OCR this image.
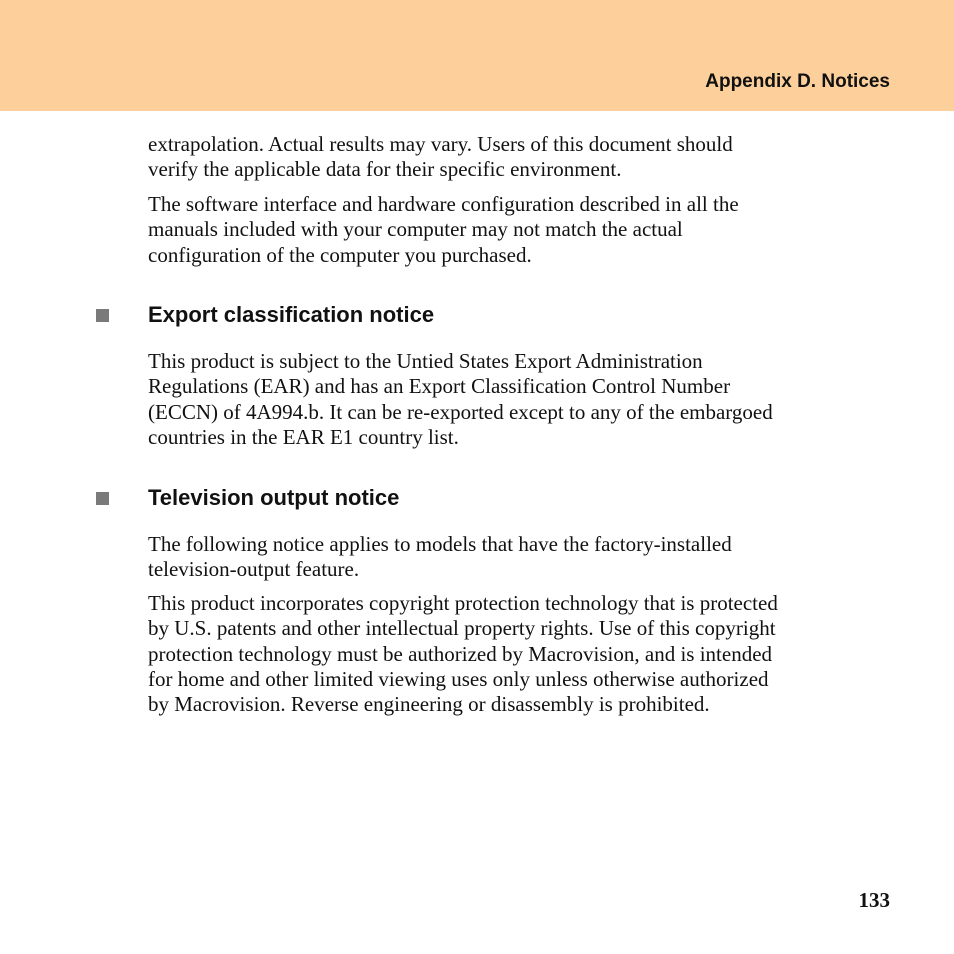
Appendix D. Notices

extrapolation. Actual results may vary. Users of this document should
verify the applicable data for their specific environment.

The software interface and hardware configuration described in all the
manuals included with your computer may not match the actual
configuration of the computer you purchased.

Export classification notice

This product is subject to the Untied States Export Administration
Regulations (EAR) and has an Export Classification Control Number
(ECCN) of 4A994.b. It can be re-exported except to any of the embargoed
countries in the EAR E1 country list.

Television output notice

The following notice applies to models that have the factory-installed
television-output feature.

This product incorporates copyright protection technology that is protected
by U.S. patents and other intellectual property rights. Use of this copyright
protection technology must be authorized by Macrovision, and is intended
for home and other limited viewing uses only unless otherwise authorized
by Macrovision. Reverse engineering or disassembly is prohibited.

133
